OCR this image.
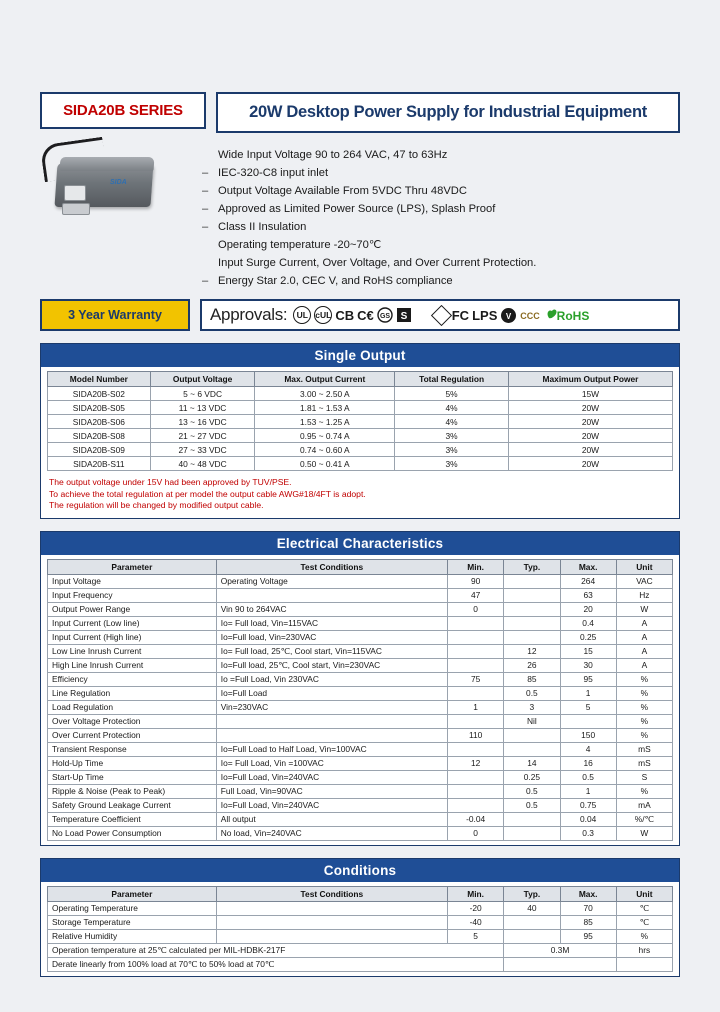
SIDA20B SERIES	20W Desktop Power Supply for Industrial Equipment
SIDA
Wide Input Voltage 90 to 264 VAC, 47 to 63Hz
– IEC-320-C8 input inlet
– Output Voltage Available From 5VDC Thru 48VDC
– Approved as Limited Power Source (LPS), Splash Proof
– Class II Insulation
Operating temperature -20~70℃
Input Surge Current, Over Voltage, and Over Current Protection.
– Energy Star 2.0, CEC V, and RoHS compliance
3 Year Warranty	Approvals:	UL cUL CB C€ GS S	FC LPS V CCC RoHS
Single Output
Model Number	Output Voltage	Max. Output Current	Total Regulation	Maximum Output Power
SIDA20B-S02	5 ~ 6 VDC	3.00 ~ 2.50 A	5%	15W
SIDA20B-S05	11 ~ 13 VDC	1.81 ~ 1.53 A	4%	20W
SIDA20B-S06	13 ~ 16 VDC	1.53 ~ 1.25 A	4%	20W
SIDA20B-S08	21 ~ 27 VDC	0.95 ~ 0.74 A	3%	20W
SIDA20B-S09	27 ~ 33 VDC	0.74 ~ 0.60 A	3%	20W
SIDA20B-S11	40 ~ 48 VDC	0.50 ~ 0.41 A	3%	20W
The output voltage under 15V had been approved by TUV/PSE.
To achieve the total regulation at per model the output cable AWG#18/4FT is adopt.
The regulation will be changed by modified output cable.
Electrical Characteristics
Parameter	Test Conditions	Min.	Typ.	Max.	Unit
Input Voltage	Operating Voltage	90		264	VAC
Input Frequency		47		63	Hz
Output Power Range	Vin 90 to 264VAC	0		20	W
Input Current (Low line)	Io= Full load, Vin=115VAC			0.4	A
Input Current (High line)	Io=Full load, Vin=230VAC			0.25	A
Low Line Inrush Current	Io= Full load, 25℃, Cool start, Vin=115VAC		12	15	A
High Line Inrush Current	Io=Full load, 25℃, Cool start, Vin=230VAC		26	30	A
Efficiency	Io =Full Load, Vin 230VAC	75	85	95	%
Line Regulation	Io=Full Load		0.5	1	%
Load Regulation	Vin=230VAC	1	3	5	%
Over Voltage Protection			Nil		%
Over Current Protection		110		150	%
Transient Response	Io=Full Load to Half Load, Vin=100VAC			4	mS
Hold-Up Time	Io= Full Load, Vin =100VAC	12	14	16	mS
Start-Up Time	Io=Full Load, Vin=240VAC		0.25	0.5	S
Ripple & Noise (Peak to Peak)	Full Load, Vin=90VAC		0.5	1	%
Safety Ground Leakage Current	Io=Full Load, Vin=240VAC		0.5	0.75	mA
Temperature Coefficient	All output	-0.04		0.04	%/℃
No Load Power Consumption	No load, Vin=240VAC	0		0.3	W
Conditions
Parameter	Test Conditions	Min.	Typ.	Max.	Unit
Operating Temperature		-20	40	70	℃
Storage Temperature		-40		85	℃
Relative Humidity		5		95	%
Operation temperature at 25℃ calculated per MIL-HDBK-217F			0.3M		hrs
Derate linearly from 100% load at 70℃ to 50% load at 70℃					
